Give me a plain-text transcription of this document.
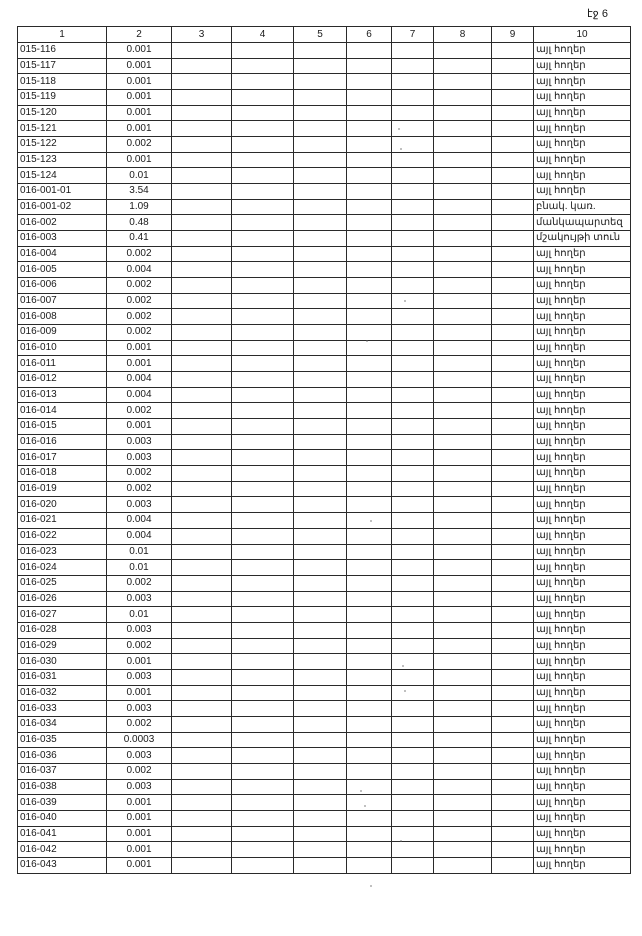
էջ 6
1	2	3	4	5	6	7	8	9	10
015-116	0.001								այլ հողեր
015-117	0.001								այլ հողեր
015-118	0.001								այլ հողեր
015-119	0.001								այլ հողեր
015-120	0.001								այլ հողեր
015-121	0.001								այլ հողեր
015-122	0.002								այլ հողեր
015-123	0.001								այլ հողեր
015-124	0.01								այլ հողեր
016-001-01	3.54								այլ հողեր
016-001-02	1.09								բնակ. կառ.
016-002	0.48								մանկապարտեզ
016-003	0.41								մշակույթի տուն
016-004	0.002								այլ հողեր
016-005	0.004								այլ հողեր
016-006	0.002								այլ հողեր
016-007	0.002								այլ հողեր
016-008	0.002								այլ հողեր
016-009	0.002								այլ հողեր
016-010	0.001								այլ հողեր
016-011	0.001								այլ հողեր
016-012	0.004								այլ հողեր
016-013	0.004								այլ հողեր
016-014	0.002								այլ հողեր
016-015	0.001								այլ հողեր
016-016	0.003								այլ հողեր
016-017	0.003								այլ հողեր
016-018	0.002								այլ հողեր
016-019	0.002								այլ հողեր
016-020	0.003								այլ հողեր
016-021	0.004								այլ հողեր
016-022	0.004								այլ հողեր
016-023	0.01								այլ հողեր
016-024	0.01								այլ հողեր
016-025	0.002								այլ հողեր
016-026	0.003								այլ հողեր
016-027	0.01								այլ հողեր
016-028	0.003								այլ հողեր
016-029	0.002								այլ հողեր
016-030	0.001								այլ հողեր
016-031	0.003								այլ հողեր
016-032	0.001								այլ հողեր
016-033	0.003								այլ հողեր
016-034	0.002								այլ հողեր
016-035	0.0003								այլ հողեր
016-036	0.003								այլ հողեր
016-037	0.002								այլ հողեր
016-038	0.003								այլ հողեր
016-039	0.001								այլ հողեր
016-040	0.001								այլ հողեր
016-041	0.001								այլ հողեր
016-042	0.001								այլ հողեր
016-043	0.001								այլ հողեր
